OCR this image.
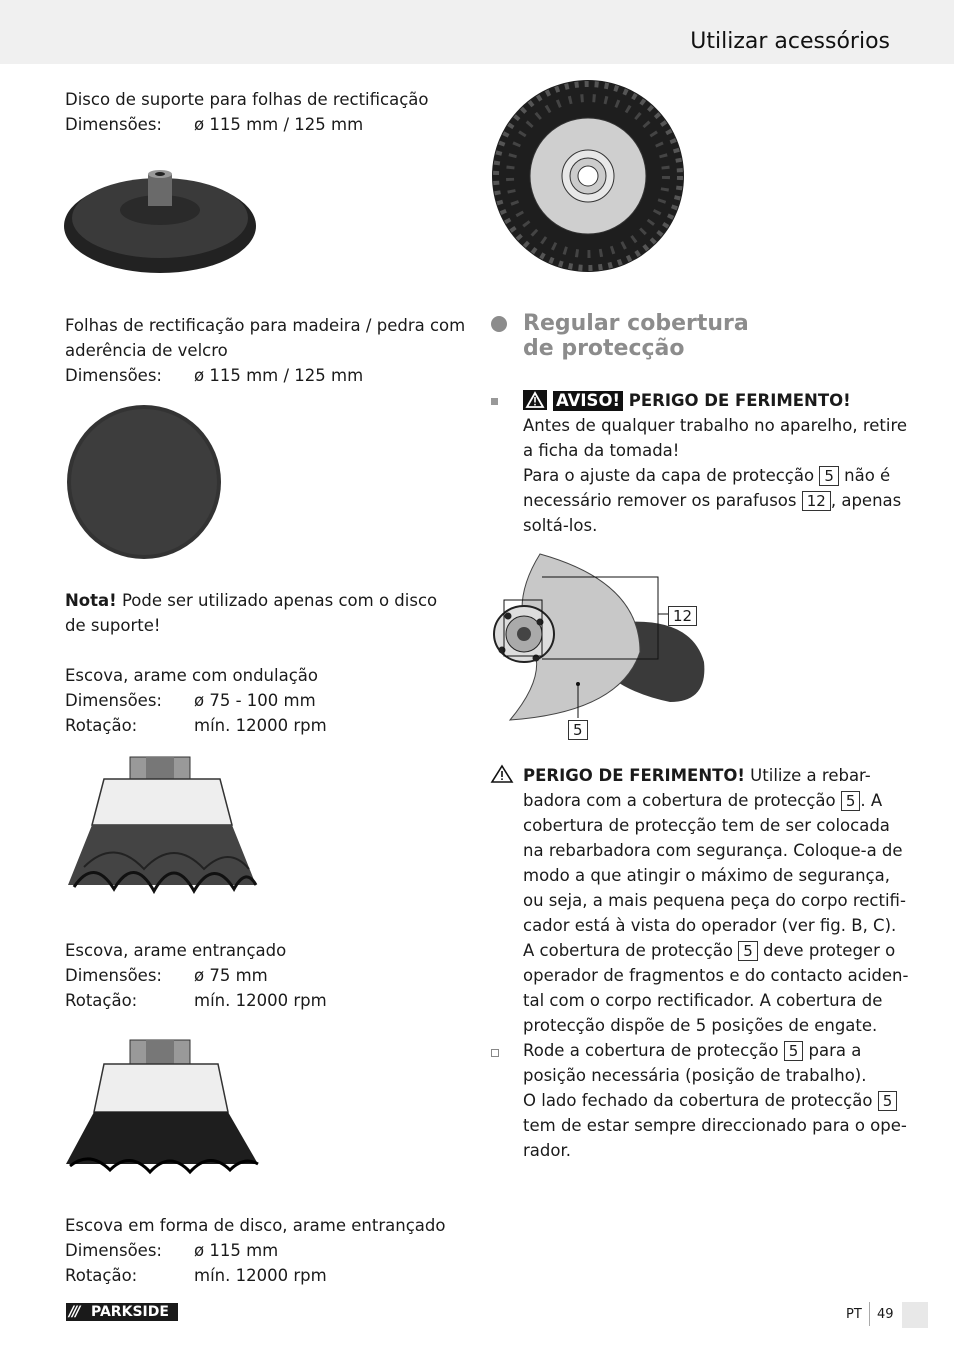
Utilizar acessórios
Disco de suporte para folhas de rectificação
Dimensões: ø 115 mm / 125 mm
Folhas de rectificação para madeira / pedra com
aderência de velcro
Dimensões: ø 115 mm / 125 mm
Nota! Pode ser utilizado apenas com o disco
de suporte!
Escova, arame com ondulação
Dimensões: ø 75 - 100 mm
Rotação:	mín. 12000 rpm
Escova, arame entrançado
Dimensões: ø 75 mm
Rotação:	mín. 12000 rpm
Escova em forma de disco, arame entrançado
Dimensões: ø 115 mm
Rotação:	mín. 12000 rpm
Regular cobertura
de protecção
AVISO! PERIGO DE FERIMENTO!
Antes de qualquer trabalho no aparelho, retire
a ficha da tomada!
Para o ajuste da capa de protecção 5 não é
necessário remover os parafusos 12 , apenas
soltá-los.
12
5
PERIGO DE FERIMENTO! Utilize a rebar-
badora com a cobertura de protecção 5 . A
cobertura de protecção tem de ser colocada
na rebarbadora com segurança. Coloque-a de
modo a que atingir o máximo de segurança,
ou seja, a mais pequena peça do corpo rectifi-
cador está à vista do operador (ver fig. B, C).
A cobertura de protecção 5 deve proteger o
operador de fragmentos e do contacto aciden-
tal com o corpo rectificador. A cobertura de
protecção dispõe de 5 posições de engate.
Rode a cobertura de protecção 5 para a
posição necessária (posição de trabalho).
O lado fechado da cobertura de protecção 5
tem de estar sempre direccionado para o ope-
rador.
/// PARKSIDE	PT 49
